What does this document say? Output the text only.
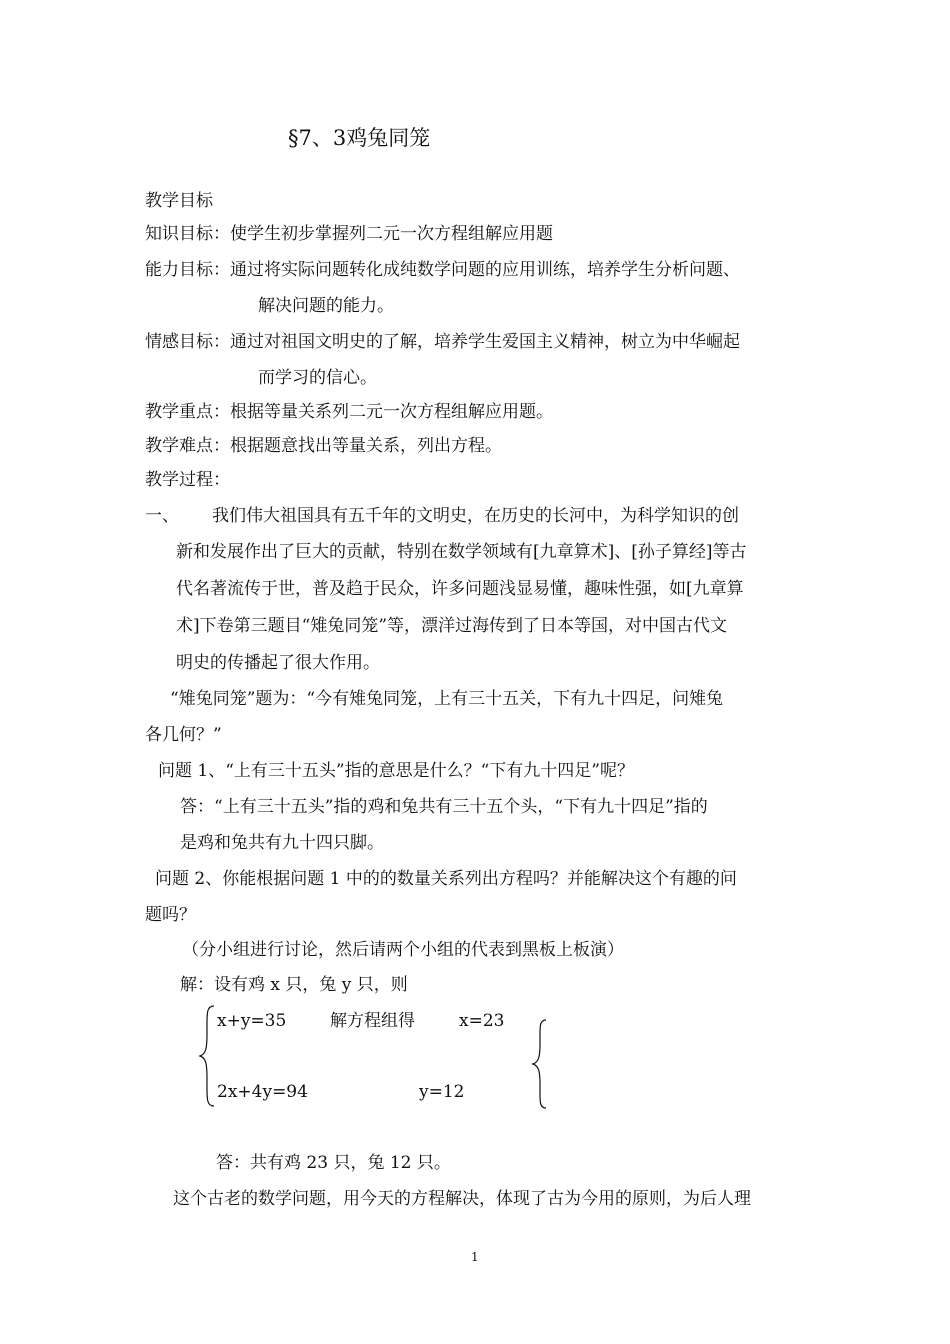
§7、3鸡兔同笼
教学目标
知识目标：使学生初步掌握列二元一次方程组解应用题
能力目标：通过将实际问题转化成纯数学问题的应用训练，培养学生分析问题、
解决问题的能力。
情感目标：通过对祖国文明史的了解，培养学生爱国主义精神，树立为中华崛起
而学习的信心。
教学重点：根据等量关系列二元一次方程组解应用题。
教学难点：根据题意找出等量关系，列出方程。
教学过程：
一、 我们伟大祖国具有五千年的文明史，在历史的长河中，为科学知识的创
新和发展作出了巨大的贡献，特别在数学领域有[九章算术]、[孙子算经]等古
代名著流传于世，普及趋于民众，许多问题浅显易懂，趣味性强，如[九章算
术]下卷第三题目“雉兔同笼”等，漂洋过海传到了日本等国，对中国古代文
明史的传播起了很大作用。
“雉兔同笼”题为：“今有雉兔同笼，上有三十五关，下有九十四足，问雉兔
各几何？”
问题 1、“上有三十五头”指的意思是什么？“下有九十四足”呢？
答：“上有三十五头”指的鸡和兔共有三十五个头，“下有九十四足”指的
是鸡和兔共有九十四只脚。
问题 2、你能根据问题 1 中的的数量关系列出方程吗？并能解决这个有趣的问
题吗？
（分小组进行讨论，然后请两个小组的代表到黑板上板演）
解：设有鸡 x 只，兔 y 只，则
x+y=35	解方程组得	x=23
2x+4y=94	y=12
答：共有鸡 23 只，兔 12 只。
这个古老的数学问题，用今天的方程解决，体现了古为今用的原则，为后人理
1
